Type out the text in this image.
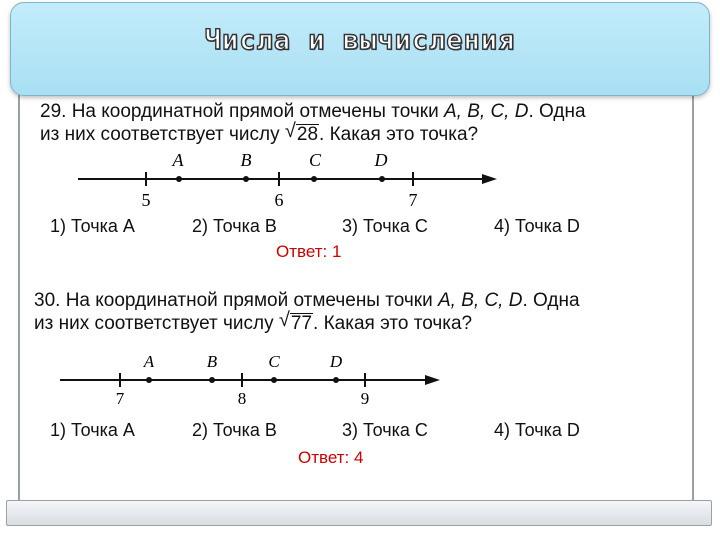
Числа и вычисления
29. На координатной прямой отмечены точки A, B, C, D. Одна
из них соответствует числу √ 28. Какая это точка?
5	6	7
A	B	C	D
7	8	9
A	B	C	D
1) Точка A	2) Точка B	3) Точка C	4) Точка D
Ответ: 1
30. На координатной прямой отмечены точки A, B, C, D. Одна
из них соответствует числу √ 77. Какая это точка?
1) Точка A	2) Точка B	3) Точка C	4) Точка D
Ответ: 4
